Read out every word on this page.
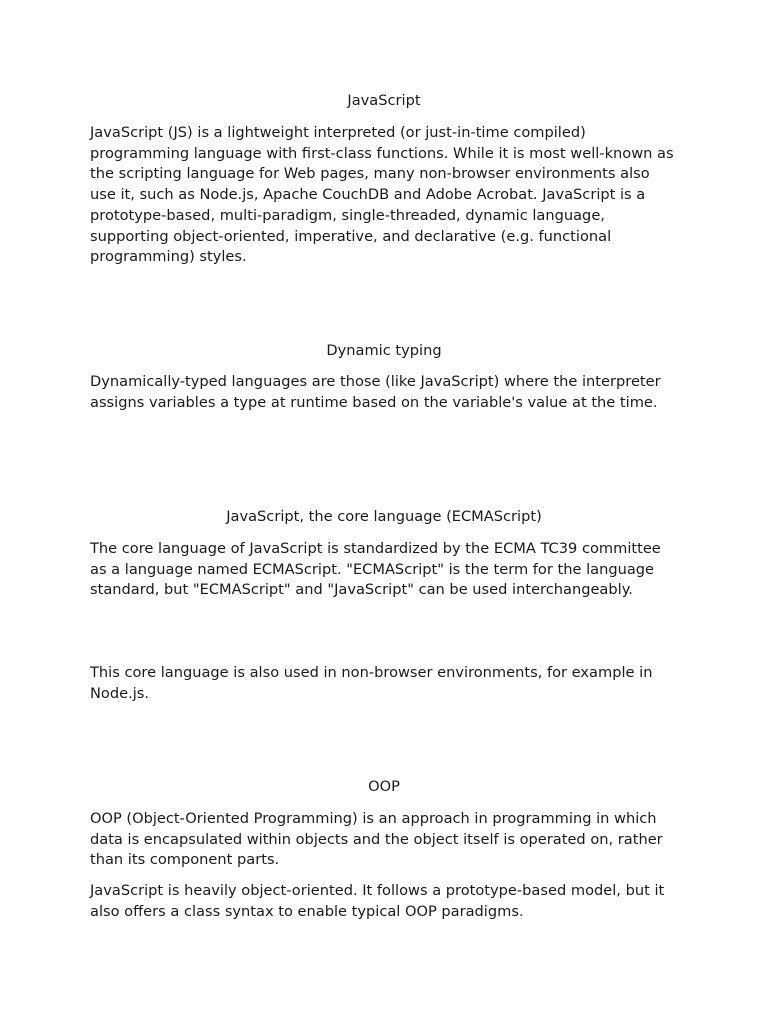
JavaScript

JavaScript (JS) is a lightweight interpreted (or just-in-time compiled) programming language with first-class functions. While it is most well-known as the scripting language for Web pages, many non-browser environments also use it, such as Node.js, Apache CouchDB and Adobe Acrobat. JavaScript is a prototype-based, multi-paradigm, single-threaded, dynamic language, supporting object-oriented, imperative, and declarative (e.g. functional programming) styles.

Dynamic typing

Dynamically-typed languages are those (like JavaScript) where the interpreter assigns variables a type at runtime based on the variable's value at the time.

JavaScript, the core language (ECMAScript)

The core language of JavaScript is standardized by the ECMA TC39 committee as a language named ECMAScript. "ECMAScript" is the term for the language standard, but "ECMAScript" and "JavaScript" can be used interchangeably.

This core language is also used in non-browser environments, for example in Node.js.

OOP

OOP (Object-Oriented Programming) is an approach in programming in which data is encapsulated within objects and the object itself is operated on, rather than its component parts.

JavaScript is heavily object-oriented. It follows a prototype-based model, but it also offers a class syntax to enable typical OOP paradigms.
